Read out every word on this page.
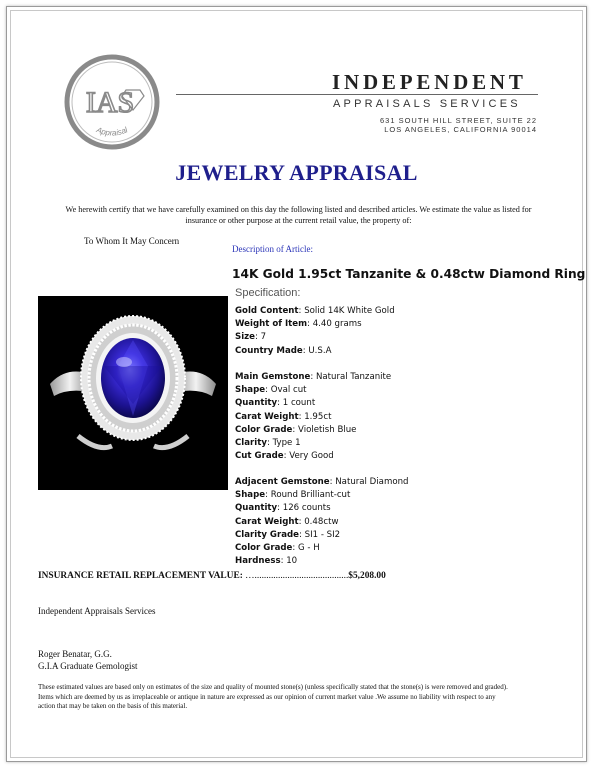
IAS
Appraisal
INDEPENDENT
APPRAISALS SERVICES
631 SOUTH HILL STREET, SUITE 22
LOS ANGELES, CALIFORNIA 90014
JEWELRY APPRAISAL
We herewith certify that we have carefully examined on this day the following listed and described articles. We estimate the value as listed for insurance or other purpose at the current retail value, the property of:
To Whom It May Concern
Description of Article:
14K Gold 1.95ct Tanzanite & 0.48ctw Diamond Ring
Specification:
Gold Content: Solid 14K White Gold
Weight of Item: 4.40 grams
Size: 7
Country Made: U.S.A
Main Gemstone: Natural Tanzanite
Shape: Oval cut
Quantity: 1 count
Carat Weight: 1.95ct
Color Grade: Violetish Blue
Clarity: Type 1
Cut Grade: Very Good
Adjacent Gemstone: Natural Diamond
Shape: Round Brilliant-cut
Quantity: 126 counts
Carat Weight: 0.48ctw
Clarity Grade: SI1 - SI2
Color Grade: G - H
Hardness: 10
INSURANCE RETAIL REPLACEMENT VALUE: …........................................$5,208.00
Independent Appraisals Services
Roger Benatar, G.G.
G.I.A Graduate Gemologist
These estimated values are based only on estimates of the size and quality of mounted stone(s) (unless specifically stated that the stone(s) is were removed and graded). Items which are deemed by us as irreplaceable or antique in nature are expressed as our opinion of current market value .We assume no liability with respect to any action that may be taken on the basis of this material.
